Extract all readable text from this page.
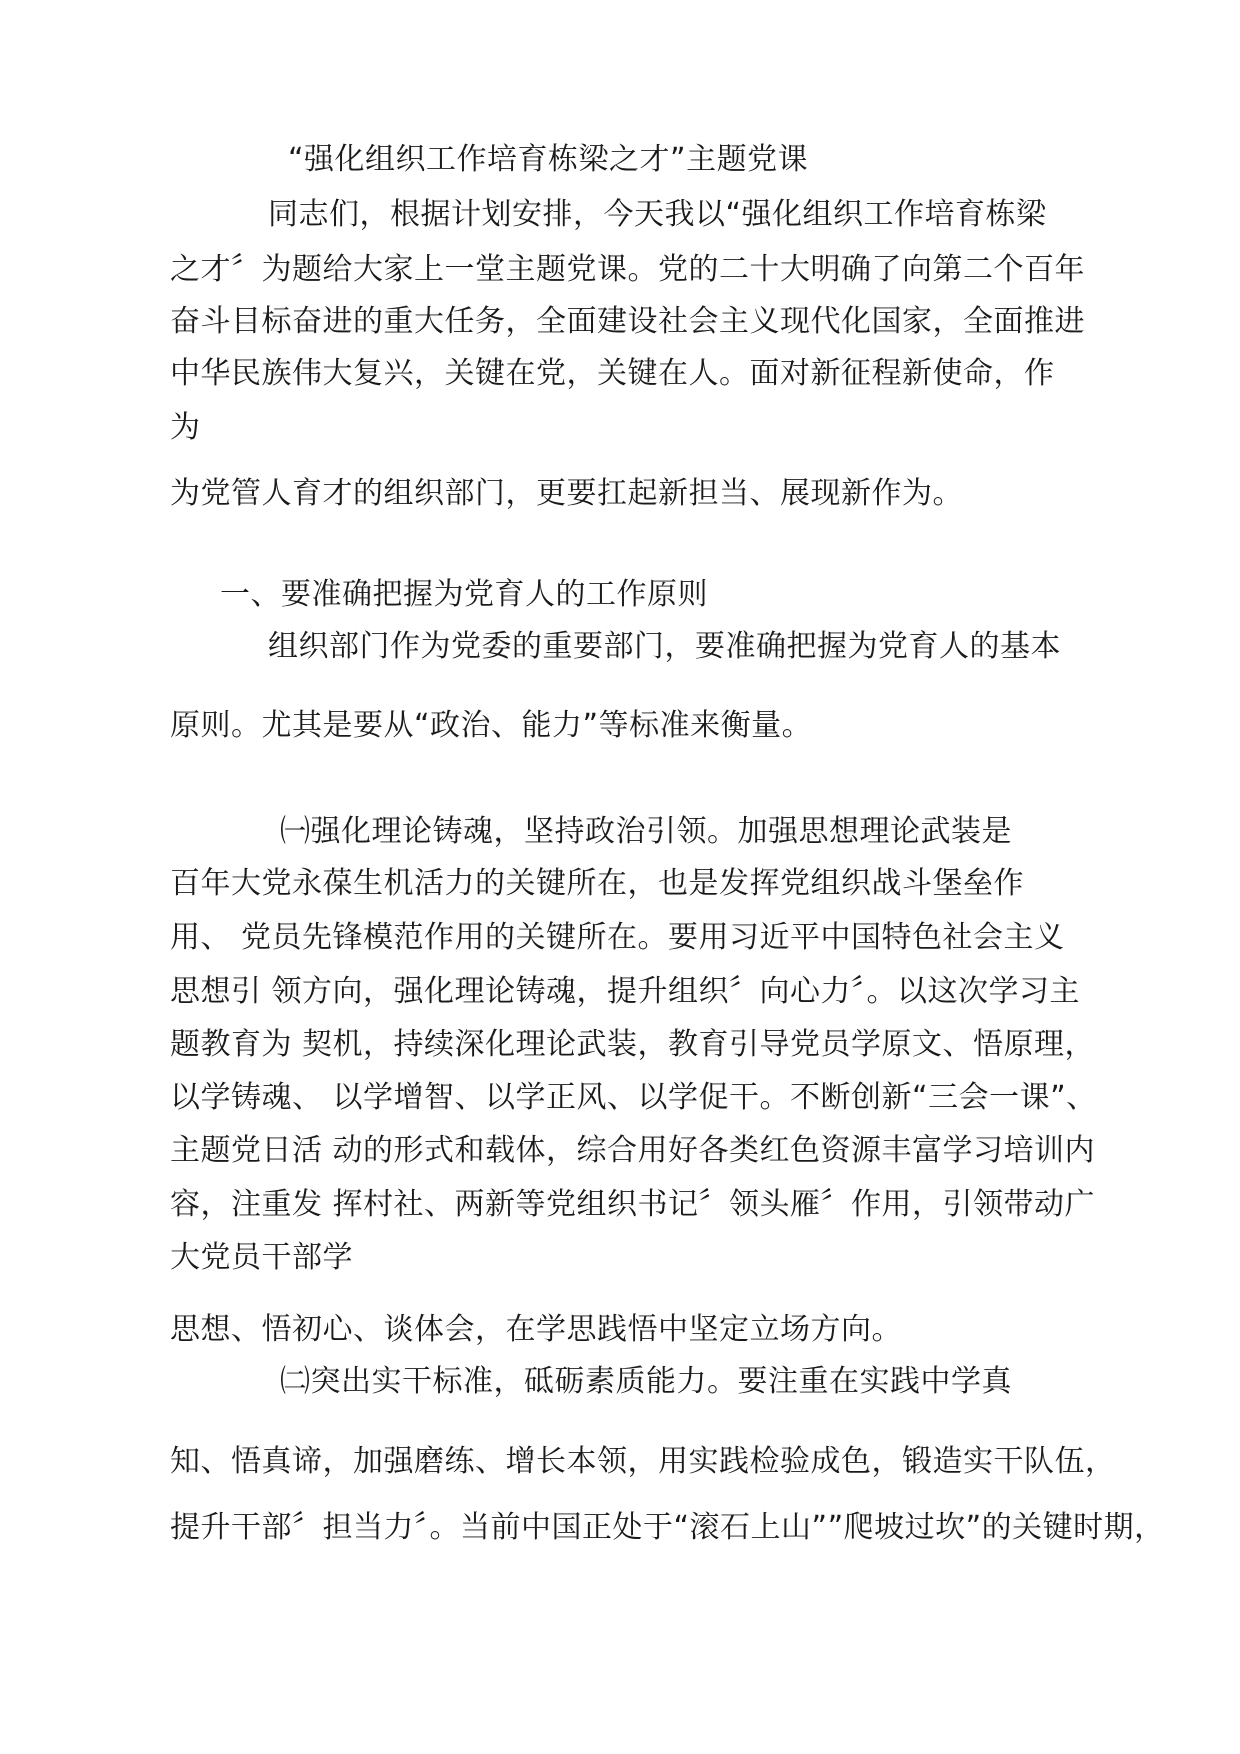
“强化组织工作培育栋梁之才”主题党课
同志们，根据计划安排，今天我以“强化组织工作培育栋梁
之才〞为题给大家上一堂主题党课。党的二十大明确了向第二个百年
奋斗目标奋进的重大任务，全面建设社会主义现代化国家，全面推进
中华民族伟大复兴，关键在党，关键在人。面对新征程新使命，作
为
为党管人育才的组织部门，更要扛起新担当、展现新作为。
一、要准确把握为党育人的工作原则
组织部门作为党委的重要部门，要准确把握为党育人的基本
原则。尤其是要从“政治、能力”等标准来衡量。
㈠强化理论铸魂，坚持政治引领。加强思想理论武装是
百年大党永葆生机活力的关键所在，也是发挥党组织战斗堡垒作
用、 党员先锋模范作用的关键所在。要用习近平中国特色社会主义
思想引 领方向，强化理论铸魂，提升组织〞向心力〞。以这次学习主
题教育为 契机，持续深化理论武装，教育引导党员学原文、悟原理，
以学铸魂、 以学增智、以学正风、以学促干。不断创新“三会一课”、
主题党日活 动的形式和载体，综合用好各类红色资源丰富学习培训内
容，注重发 挥村社、两新等党组织书记〞领头雁〞作用，引领带动广
大党员干部学
思想、悟初心、谈体会，在学思践悟中坚定立场方向。
㈡突出实干标准，砥砺素质能力。要注重在实践中学真
知、悟真谛，加强磨练、增长本领，用实践检验成色，锻造实干队伍，
提升干部〞担当力〞。当前中国正处于“滚石上山””爬坡过坎”的关键时期，
